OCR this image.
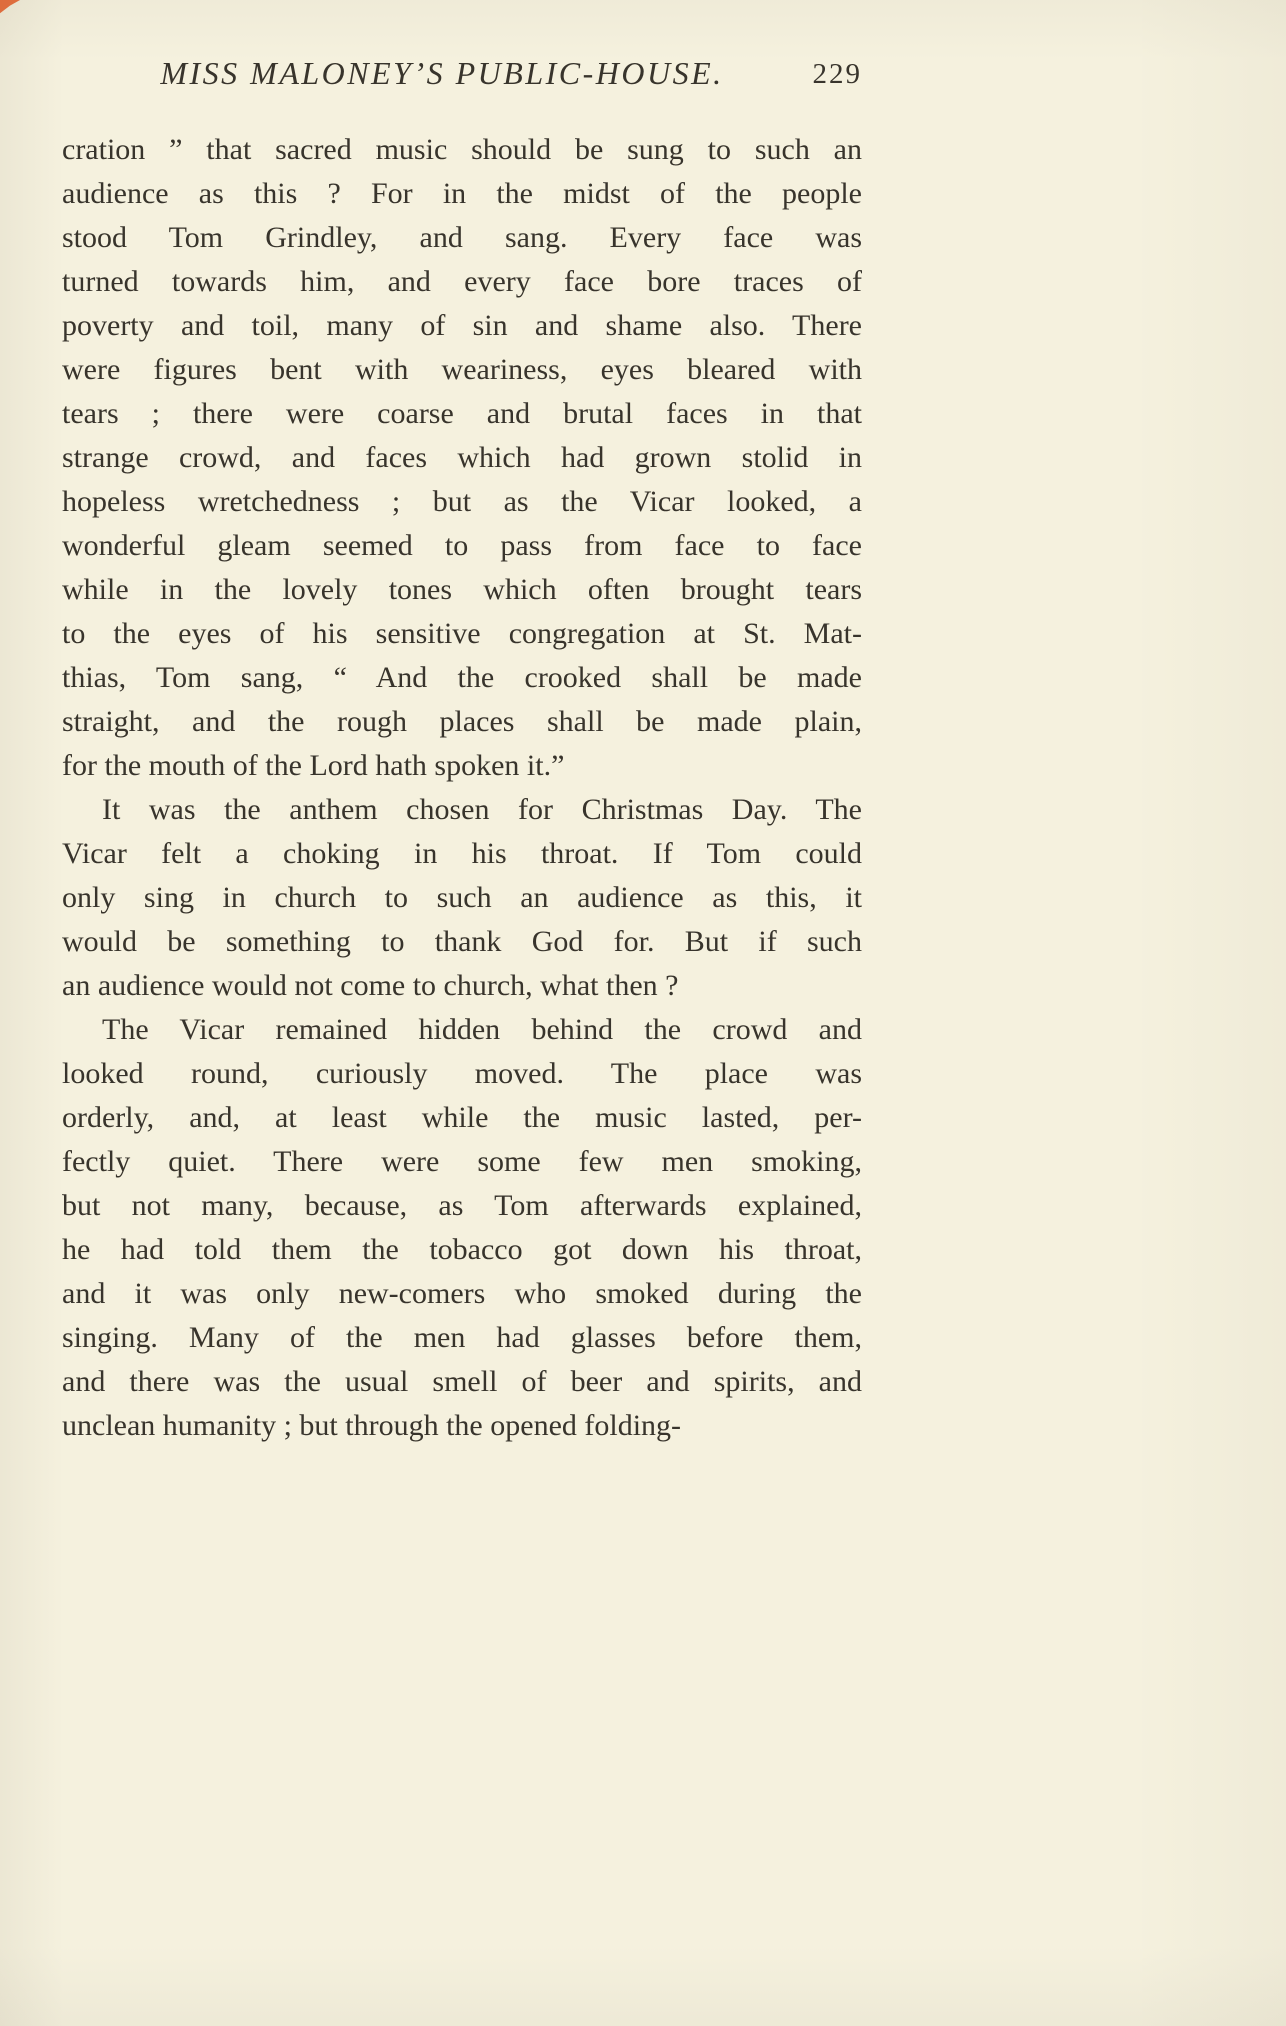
MISS MALONEY’S PUBLIC-HOUSE.	229

cration ” that sacred music should be sung to such an
audience as this ? For in the midst of the people
stood Tom Grindley, and sang. Every face was
turned towards him, and every face bore traces of
poverty and toil, many of sin and shame also. There
were figures bent with weariness, eyes bleared with
tears ; there were coarse and brutal faces in that
strange crowd, and faces which had grown stolid in
hopeless wretchedness ; but as the Vicar looked, a
wonderful gleam seemed to pass from face to face
while in the lovely tones which often brought tears
to the eyes of his sensitive congregation at St. Mat-
thias, Tom sang, “ And the crooked shall be made
straight, and the rough places shall be made plain,
for the mouth of the Lord hath spoken it.”

It was the anthem chosen for Christmas Day. The
Vicar felt a choking in his throat. If Tom could
only sing in church to such an audience as this, it
would be something to thank God for. But if such
an audience would not come to church, what then ?

The Vicar remained hidden behind the crowd and
looked round, curiously moved. The place was
orderly, and, at least while the music lasted, per-
fectly quiet. There were some few men smoking,
but not many, because, as Tom afterwards explained,
he had told them the tobacco got down his throat,
and it was only new-comers who smoked during the
singing. Many of the men had glasses before them,
and there was the usual smell of beer and spirits, and
unclean humanity ; but through the opened folding-
